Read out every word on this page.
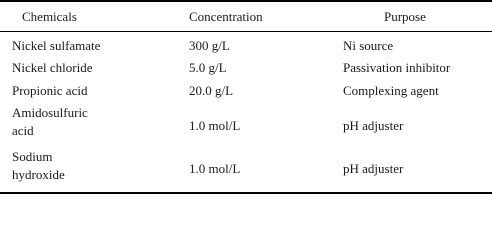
Chemicals	Concentration	Purpose
Nickel sulfamate	300 g/L	Ni source
Nickel chloride	5.0 g/L	Passivation inhibitor
Propionic acid	20.0 g/L	Complexing agent
Amidosulfuric
acid	1.0 mol/L	pH adjuster
Sodium
hydroxide	1.0 mol/L	pH adjuster
